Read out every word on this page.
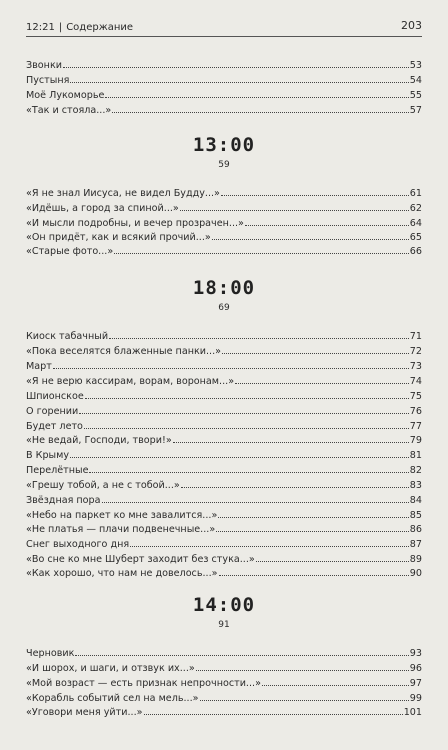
12:21 | Содержание	203
Звонки	53
Пустыня	54
Моё Лукоморье	55
«Так и стояла...»	57
13:00
59
«Я не знал Иисуса, не видел Будду...»	61
«Идёшь, а город за спиной...»	62
«И мысли подробны, и вечер прозрачен...»	64
«Он придёт, как и всякий прочий...»	65
«Старые фото...»	66
18:00
69
Киоск табачный	71
«Пока веселятся блаженные панки...»	72
Март	73
«Я не верю кассирам, ворам, воронам...»	74
Шпионское	75
О горении	76
Будет лето	77
«Не ведай, Господи, твори!»	79
В Крыму	81
Перелётные	82
«Грешу тобой, а не с тобой...»	83
Звёздная пора	84
«Небо на паркет ко мне завалится...»	85
«Не платья — плачи подвенечные...»	86
Снег выходного дня	87
«Во сне ко мне Шуберт заходит без стука...»	89
«Как хорошо, что нам не довелось...»	90
14:00
91
Черновик	93
«И шорох, и шаги, и отзвук их...»	96
«Мой возраст — есть признак непрочности...»	97
«Корабль событий сел на мель...»	99
«Уговори меня уйти...»	101
